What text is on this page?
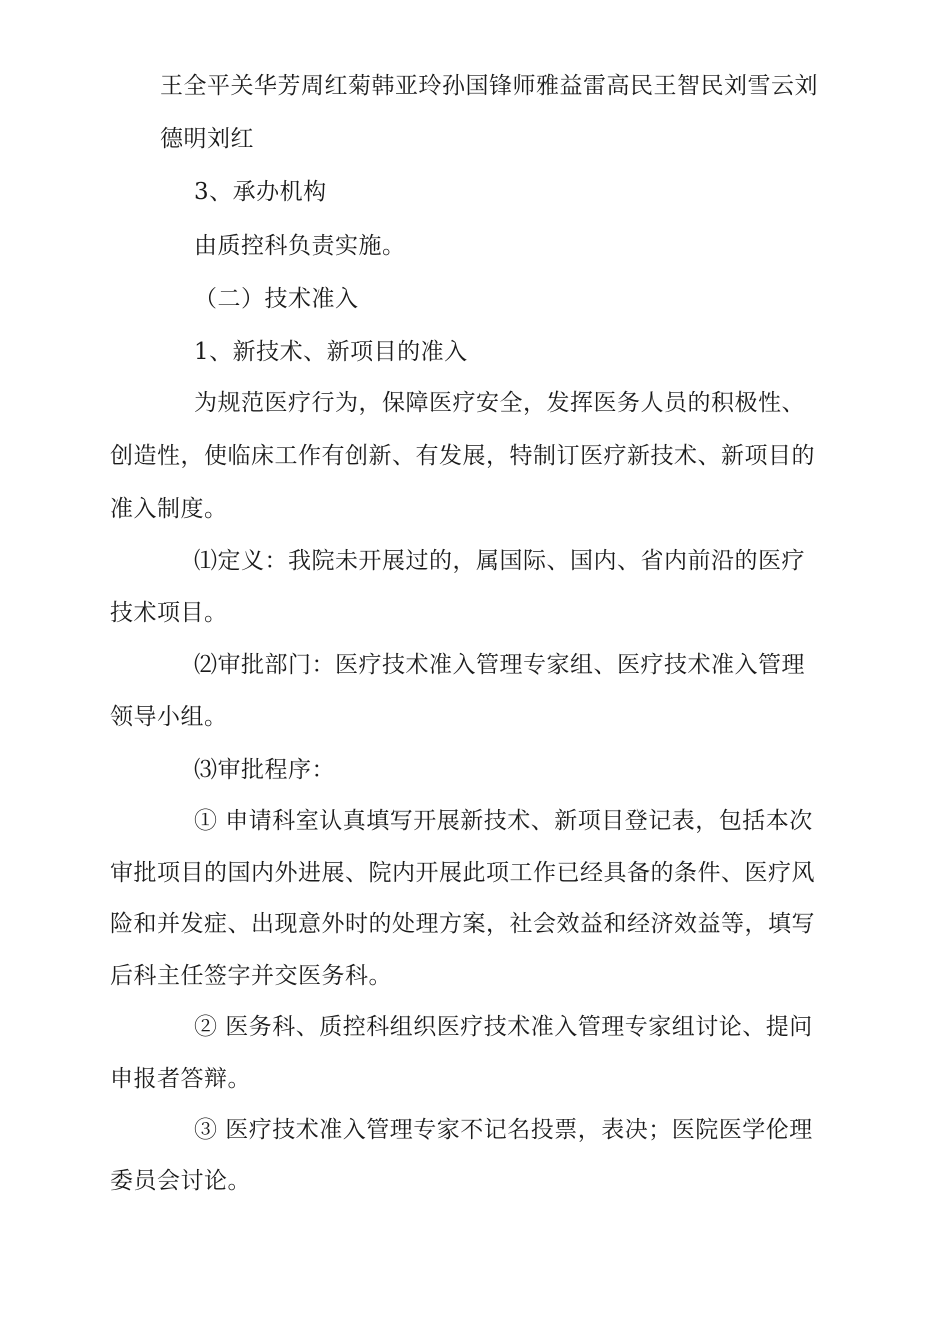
王全平关华芳周红菊韩亚玲孙国锋师雅益雷高民王智民刘雪云刘
德明刘红
3、承办机构
由质控科负责实施。
（二）技术准入
1、新技术、新项目的准入
为规范医疗行为，保障医疗安全，发挥医务人员的积极性、
创造性，使临床工作有创新、有发展，特制订医疗新技术、新项目的
准入制度。
⑴定义：我院未开展过的，属国际、国内、省内前沿的医疗
技术项目。
⑵审批部门：医疗技术准入管理专家组、医疗技术准入管理
领导小组。
⑶审批程序：
① 申请科室认真填写开展新技术、新项目登记表，包括本次
审批项目的国内外进展、院内开展此项工作已经具备的条件、医疗风
险和并发症、出现意外时的处理方案，社会效益和经济效益等，填写
后科主任签字并交医务科。
② 医务科、质控科组织医疗技术准入管理专家组讨论、提问
申报者答辩。
③ 医疗技术准入管理专家不记名投票，表决；医院医学伦理
委员会讨论。
